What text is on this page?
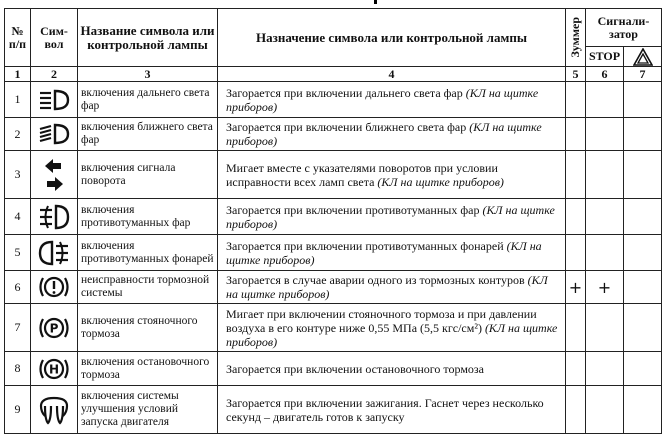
№ п/п	Сим- вол	Название символа или контрольной лампы	Назначение символа или контрольной лампы	Зуммер	Сигнали- затор	
					STOP	

1	2	3	4	5	6	7
1		включения дальнего света фар	Загорается при включении дальнего света фар (КЛ на щитке приборов)			
2		включения ближнего света фар	Загорается при включении ближнего света фар (КЛ на щитке приборов)			
3		включения сигнала поворота	Мигает вместе с указателями поворотов при условии исправности всех ламп света (КЛ на щитке приборов)			
4		включения противотуманных фар	Загорается при включении противотуманных фар (КЛ на щитке приборов)			
5		включения противотуманных фонарей	Загорается при включении противотуманных фонарей (КЛ на щитке приборов)			
6		неисправности тормозной системы	Загорается в случае аварии одного из тормозных контуров (КЛ на щитке приборов)	+	+	
7	P	включения стояночного тормоза	Мигает при включении стояночного тормоза и при давлении воздуха в его контуре ниже 0,55 МПа (5,5 кгс/см²) (КЛ на щитке приборов)			
8	H	включения остановочного тормоза	Загорается при включении остановочного тормоза			
9		включения системы улучшения условий запуска двигателя	Загорается при включении зажигания. Гаснет через несколько секунд – двигатель готов к запуску			
